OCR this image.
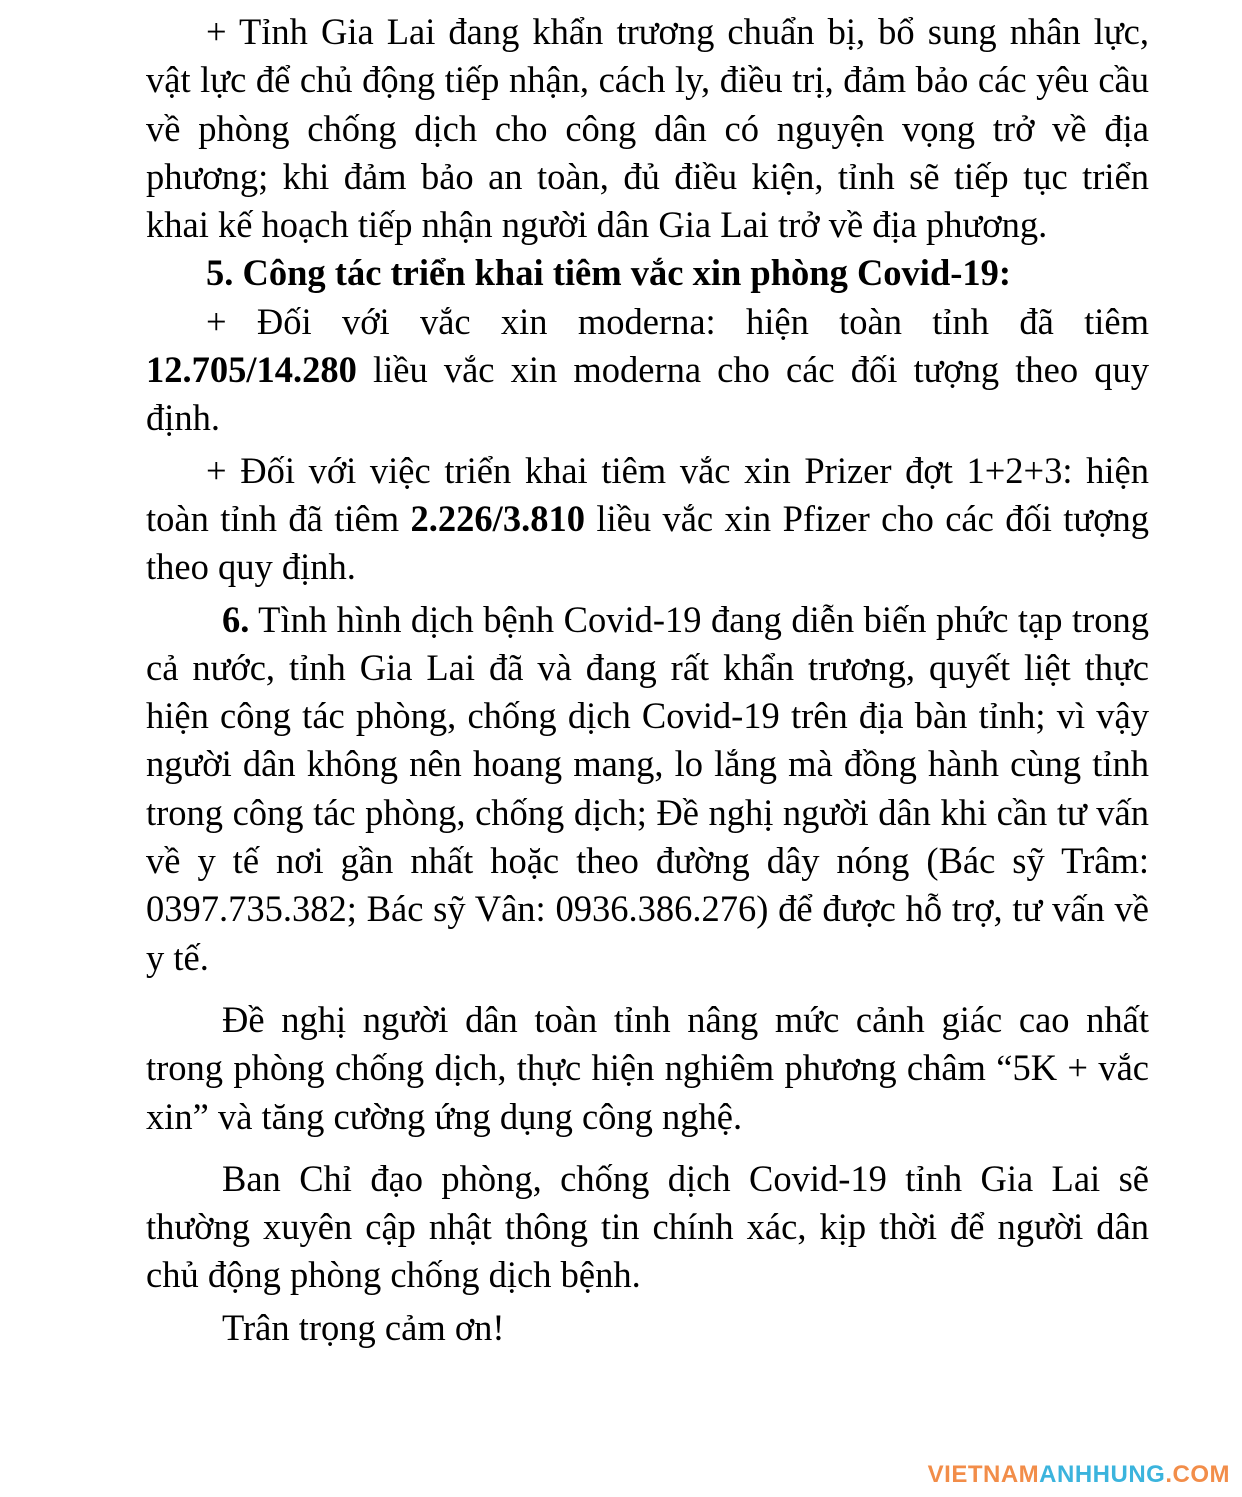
+ Tỉnh Gia Lai đang khẩn trương chuẩn bị, bổ sung nhân lực, vật lực để chủ động tiếp nhận, cách ly, điều trị, đảm bảo các yêu cầu về phòng chống dịch cho công dân có nguyện vọng trở về địa phương; khi đảm bảo an toàn, đủ điều kiện, tỉnh sẽ tiếp tục triển khai kế hoạch tiếp nhận người dân Gia Lai trở về địa phương.

5. Công tác triển khai tiêm vắc xin phòng Covid-19:

+ Đối với vắc xin moderna: hiện toàn tỉnh đã tiêm 12.705/14.280 liều vắc xin moderna cho các đối tượng theo quy định.

+ Đối với việc triển khai tiêm vắc xin Prizer đợt 1+2+3: hiện toàn tỉnh đã tiêm 2.226/3.810 liều vắc xin Pfizer cho các đối tượng theo quy định.

6. Tình hình dịch bệnh Covid-19 đang diễn biến phức tạp trong cả nước, tỉnh Gia Lai đã và đang rất khẩn trương, quyết liệt thực hiện công tác phòng, chống dịch Covid-19 trên địa bàn tỉnh; vì vậy người dân không nên hoang mang, lo lắng mà đồng hành cùng tỉnh trong công tác phòng, chống dịch; Đề nghị người dân khi cần tư vấn về y tế nơi gần nhất hoặc theo đường dây nóng (Bác sỹ Trâm: 0397.735.382; Bác sỹ Vân: 0936.386.276) để được hỗ trợ, tư vấn về y tế.

Đề nghị người dân toàn tỉnh nâng mức cảnh giác cao nhất trong phòng chống dịch, thực hiện nghiêm phương châm “5K + vắc xin” và tăng cường ứng dụng công nghệ.

Ban Chỉ đạo phòng, chống dịch Covid-19 tỉnh Gia Lai sẽ thường xuyên cập nhật thông tin chính xác, kịp thời để người dân chủ động phòng chống dịch bệnh.

Trân trọng cảm ơn!

VIETNAMANHHUNG.COM
